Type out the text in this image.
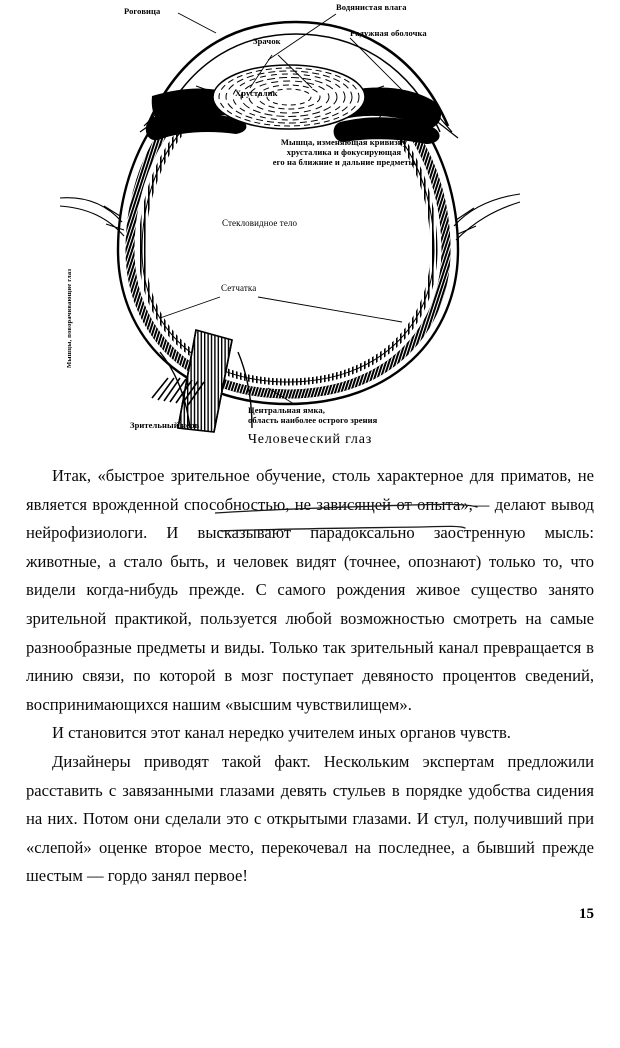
Роговица	Водянистая влага
Радужная оболочка
Зрачок
Хрусталик
Мышца, изменяющая кривизну
хрусталика и фокусирующая
его на ближние и дальние предметы
Стекловидное тело
Сетчатка
Мышцы, поворачивающие глаз
Зрительный нерв
Центральная ямка,
область наиболее острого зрения
Человеческий глаз

Итак, «быстрое зрительное обучение, столь характерное для приматов, не является врожденной способностью, не зависящей от опыта»,— делают вывод нейрофизиологи. И высказывают парадоксально заостренную мысль: животные, а стало быть, и человек видят (точнее, опознают) только то, что видели когда-нибудь прежде. С самого рождения живое существо занято зрительной практикой, пользуется любой возможностью смотреть на самые разнообразные предметы и виды. Только так зрительный канал превращается в линию связи, по которой в мозг поступает девяносто процентов сведений, воспринимающихся нашим «высшим чувствилищем».

И становится этот канал нередко учителем иных органов чувств.

Дизайнеры приводят такой факт. Нескольким экспертам предложили расставить с завязанными глазами девять стульев в порядке удобства сидения на них. Потом они сделали это с открытыми глазами. И стул, получивший при «слепой» оценке второе место, перекочевал на последнее, а бывший прежде шестым — гордо занял первое!

15
